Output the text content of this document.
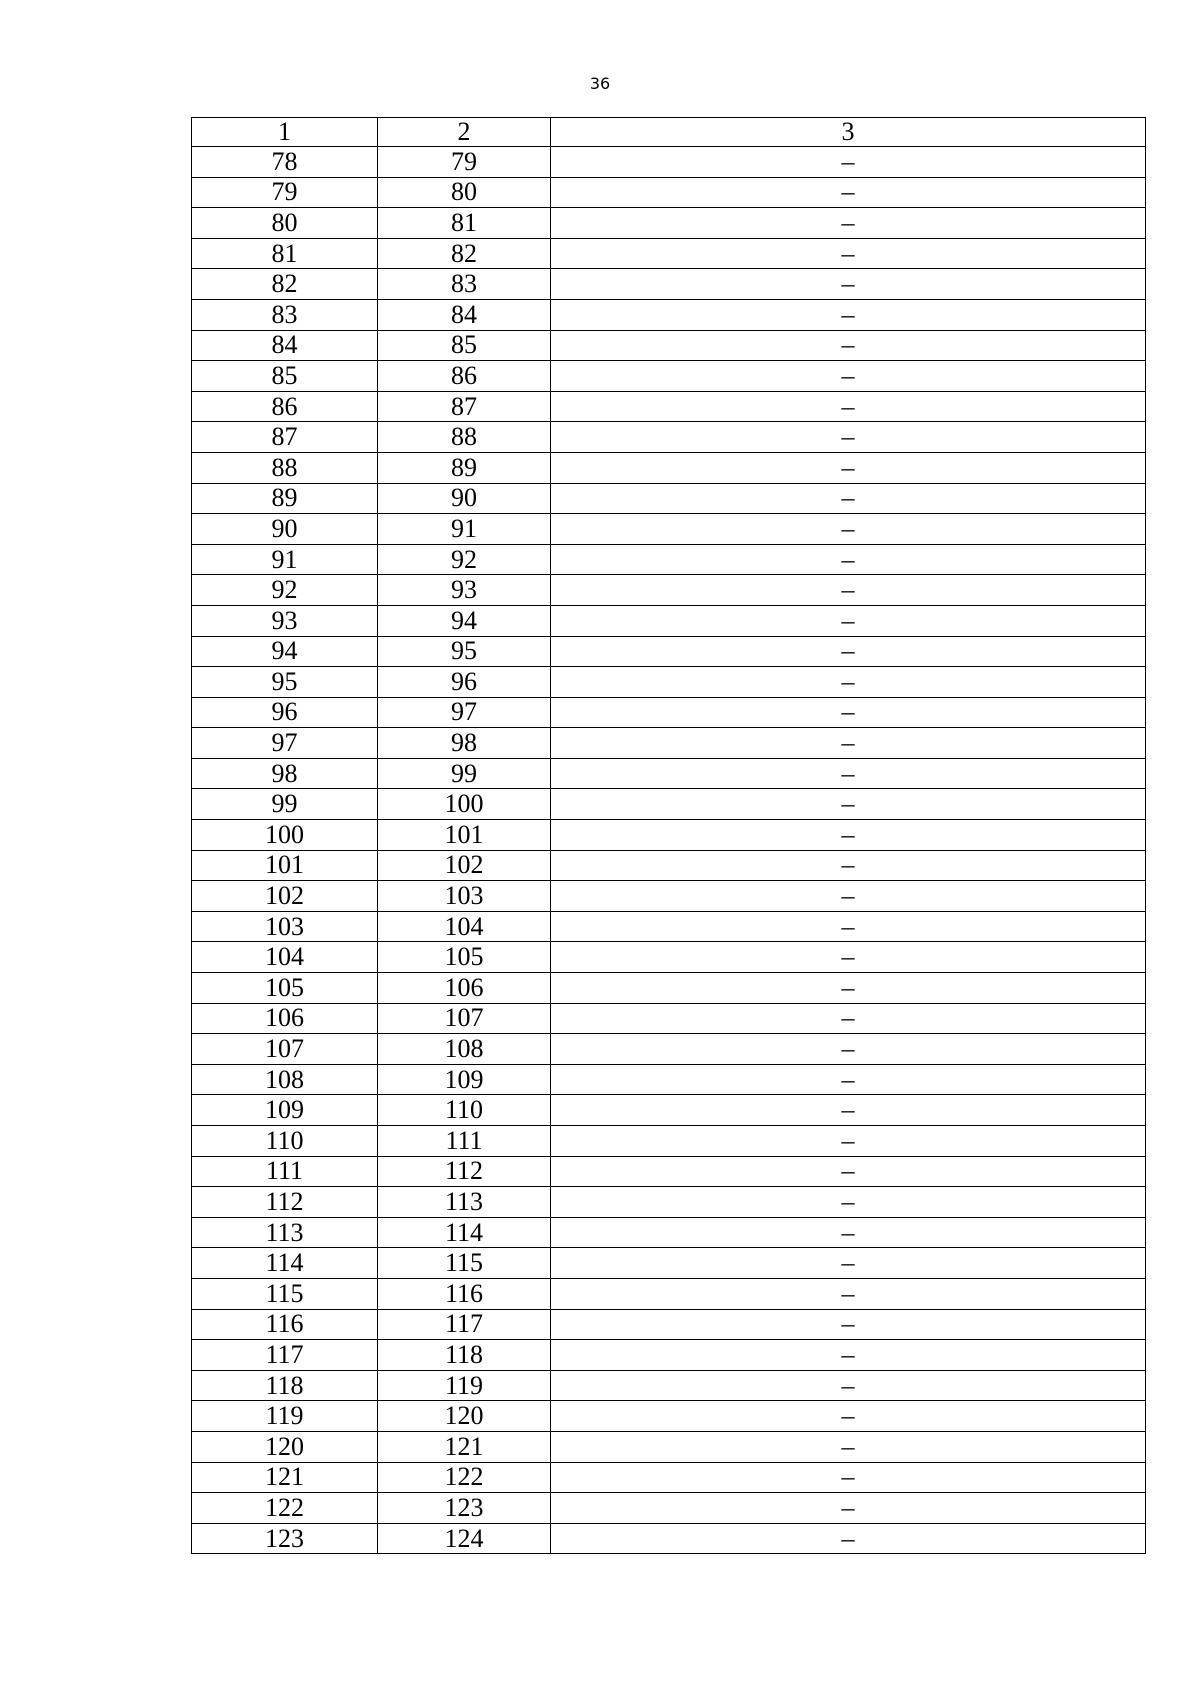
36
1	2	3
78	79	–
79	80	–
80	81	–
81	82	–
82	83	–
83	84	–
84	85	–
85	86	–
86	87	–
87	88	–
88	89	–
89	90	–
90	91	–
91	92	–
92	93	–
93	94	–
94	95	–
95	96	–
96	97	–
97	98	–
98	99	–
99	100	–
100	101	–
101	102	–
102	103	–
103	104	–
104	105	–
105	106	–
106	107	–
107	108	–
108	109	–
109	110	–
110	111	–
111	112	–
112	113	–
113	114	–
114	115	–
115	116	–
116	117	–
117	118	–
118	119	–
119	120	–
120	121	–
121	122	–
122	123	–
123	124	–
